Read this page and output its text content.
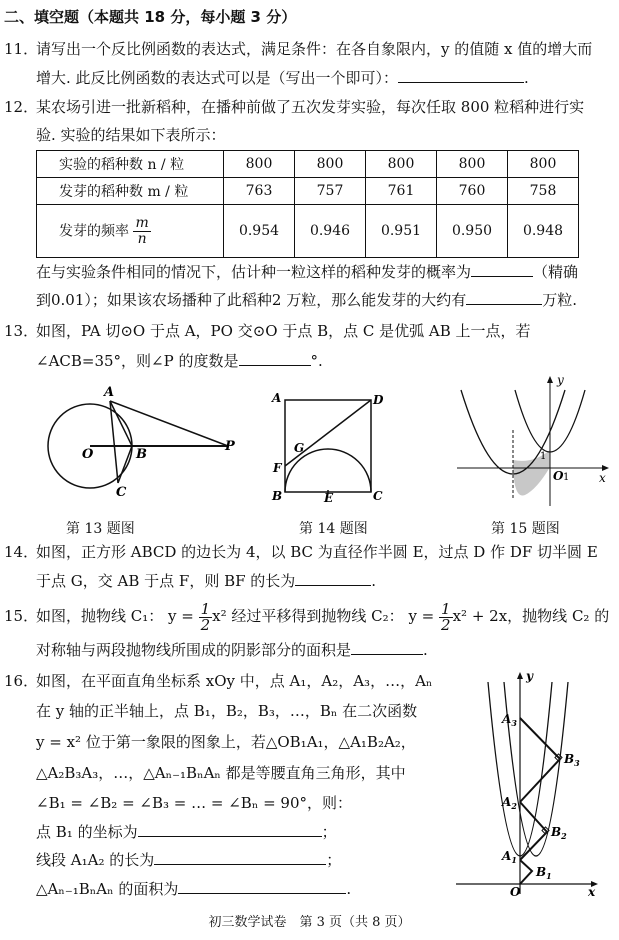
二、填空题（本题共 18 分，每小题 3 分）
11．
请写出一个反比例函数的表达式，满足条件：在各自象限内，y 的值随 x 值的增大而
增大. 此反比例函数的表达式可以是（写出一个即可）：	.
12．
某农场引进一批新稻种，在播种前做了五次发芽实验，每次任取 800 粒稻种进行实
验. 实验的结果如下表所示：
实验的稻种数 n / 粒	800	800	800	800	800
发芽的稻种数 m / 粒	763	757	761	760	758
发芽的频率 $\frac{m}{n}$	0.954	0.946	0.951	0.950	0.948
在与实验条件相同的情况下，估计种一粒这样的稻种发芽的概率为	（精确
到0.01）；如果该农场播种了此稻种2 万粒，那么能发芽的大约有	万粒.
13．
如图，PA 切⊙O 于点 A，PO 交⊙O 于点 B，点 C 是优弧 AB 上一点，若
∠ACB=35°，则∠P 的度数是	°.
A
O	B
C
P
第 13 题图
A	D
G
F
B	E	C
第 14 题图
y
x
1
1
O
第 15 题图
14．
如图，正方形 ABCD 的边长为 4，以 BC 为直径作半圆 E，过点 D 作 DF 切半圆 E
于点 G，交 AB 于点 F，则 BF 的长为	.
15．
如图，抛物线 C₁： $y = \frac{1}{2} x^2$ 经过平移得到抛物线 C₂： $y = \frac{1}{2} x^2 + 2x$，抛物线 C₂ 的
对称轴与两段抛物线所围成的阴影部分的面积是	.
16．
如图，在平面直角坐标系 xOy 中，点 A₁，A₂，A₃，…，Aₙ
在 y 轴的正半轴上，点 B₁，B₂，B₃，…，Bₙ 在二次函数
y = x² 位于第一象限的图象上，若△OB₁A₁，△A₁B₂A₂，
△A₂B₃A₃，…，△Aₙ₋₁BₙAₙ 都是等腰直角三角形，其中
∠B₁ = ∠B₂ = ∠B₃ = … = ∠Bₙ = 90°，则：
点 B₁ 的坐标为	；
线段 A₁A₂ 的长为	；
△Aₙ₋₁BₙAₙ 的面积为	.
y
x
O
$A_3$
$A_2$
$A_1$
$B_3$
$B_2$
$B_1$
初三数学试卷　第 3 页（共 8 页）
